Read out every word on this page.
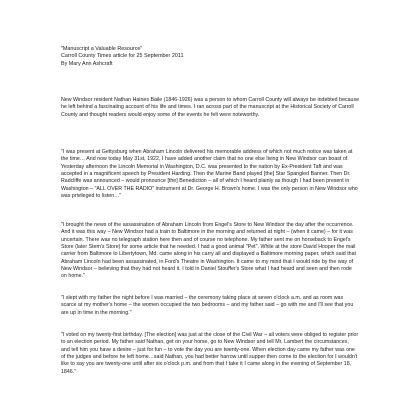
"Manuscript a Valuable Resource"
Carroll County Times article for 25 September 2011
By Mary Ann Ashcraft

New Windsor resident Nathan Haines Baile (1846-1926) was a person to whom Carroll County will always be indebted because he left behind a fascinating account of his life and times. I ran across part of the manuscript at the Historical Society of Carroll County and thought readers would enjoy some of the events he felt were noteworthy.

"I was present at Gettysburg when Abraham Lincoln delivered his memorable address of which not much notice was taken at the time… And now today May 31st, 1922, I have added another claim that no one else living in New Windsor can boast of. Yesterday afternoon the Lincoln Memorial in Washington, D.C. was presented to the nation by Ex-President Taft and was accepted in a magnificent speech by President Harding. Then the Marine Band played [the] Star Spangled Banner. Then Dr. Radcliffe was announced – would pronounce [the] Benediction – all of which I heard plainly as though I had been present in Washington – "ALL OVER THE RADIO" instrument at Dr. George H. Brown's home. I was the only person in New Windsor who was privileged to listen…"

"I brought the news of the assassination of Abraham Lincoln from Engel's Store to New Windsor the day after the occurrence. And it was this way – New Windsor had a train to Baltimore in the morning and returned at night – (when it came) – for it was uncertain. There was no telegraph station here then and of course no telephone. My father sent me on horseback to Engel's Store (later Stem's Store) for some article that he needed. I had a good animal "Pet". While at the store David Hooper the mail carrier from Baltimore to Libertytown, Md. came along in his carry all and displayed a Baltimore morning paper, which said that Abraham Lincoln had been assassinated, in Ford's Theatre in Washington. It came to my mind that I would ride by the way of New Windsor – believing that they had not heard it. I told in Daniel Stouffer's Store what I had heard and seen and then rode on home."

"I slept with my father the night before I was married – the ceremony taking place at seven o'clock a.m. and as room was scarce at my mother's home – the women occupied the two bedrooms – and my father said – go with me and I'll see that you are up in time in the morning."

"I voted on my twenty-first birthday. [The election] was just at the close of the Civil War – all voters were obliged to register prior to an election period. My father said Nathan, get on your horse, go to New Windsor and tell Mr. Lambert the circumstances, and tell him you have a desire – just for fun – to vote the day you are twenty-one. When election day came my father was one of the judges and before he left home…said Nathan, you had better harrow until supper then come to the election for I wouldn't like to say you are twenty-one until after six o'clock p.m. and from that I take it I came along in the evening of September 18, 1846."
